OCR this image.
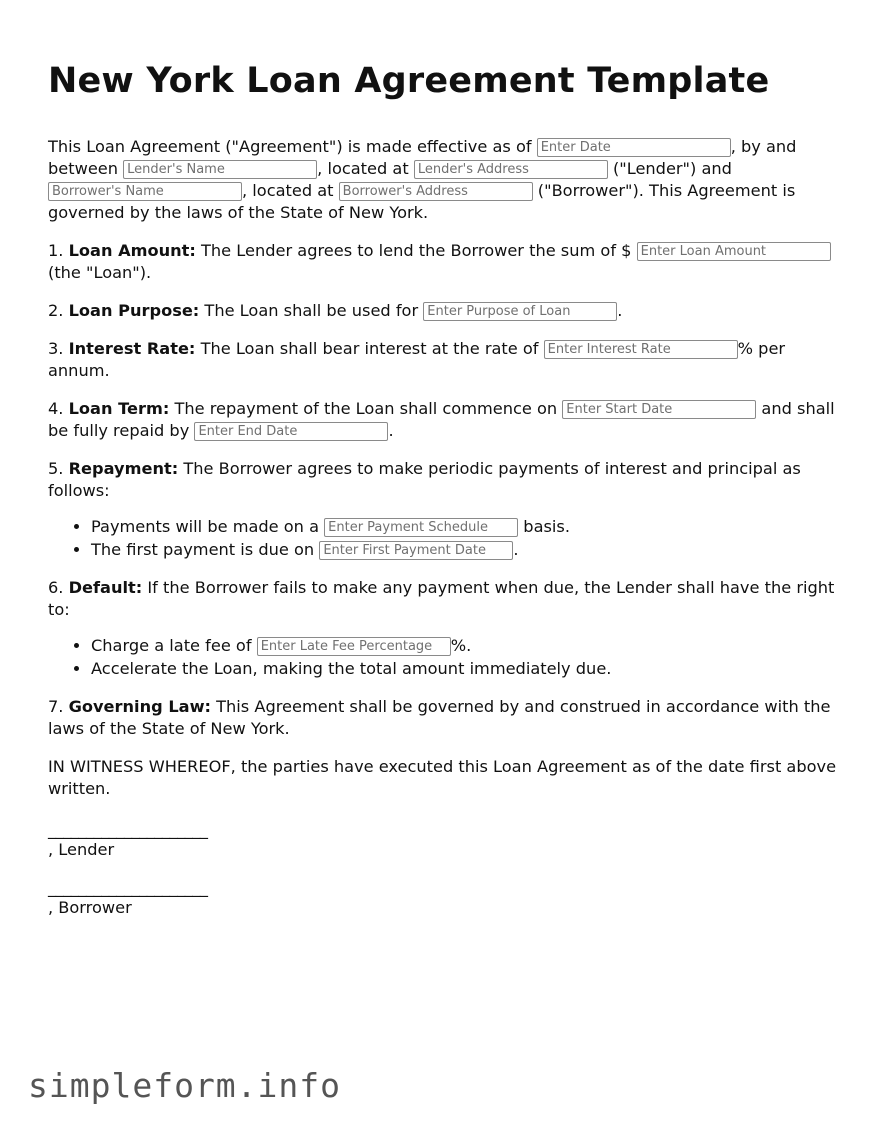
New York Loan Agreement Template

This Loan Agreement ("Agreement") is made effective as of Enter Date	, by and between Lender's Name	, located at Lender's Address	("Lender") and Borrower's Name, located at Borrower's Address	("Borrower"). This Agreement is governed by the laws of the State of New York.

1. Loan Amount: The Lender agrees to lend the Borrower the sum of $ Enter Loan Amount (the "Loan").

2. Loan Purpose: The Loan shall be used for Enter Purpose of Loan	.

3. Interest Rate: The Loan shall bear interest at the rate of Enter Interest Rate	% per annum.

4. Loan Term: The repayment of the Loan shall commence on Enter Start Date	and shall be fully repaid by Enter End Date	.

5. Repayment: The Borrower agrees to make periodic payments of interest and principal as follows:

• Payments will be made on a Enter Payment Schedule	basis.
• The first payment is due on Enter First Payment Date	.

6. Default: If the Borrower fails to make any payment when due, the Lender shall have the right to:

• Charge a late fee of Enter Late Fee Percentage	%.
• Accelerate the Loan, making the total amount immediately due.

7. Governing Law: This Agreement shall be governed by and construed in accordance with the laws of the State of New York.

IN WITNESS WHEREOF, the parties have executed this Loan Agreement as of the date first above written.

_____________________
, Lender
_____________________
, Borrower
simpleform.info
